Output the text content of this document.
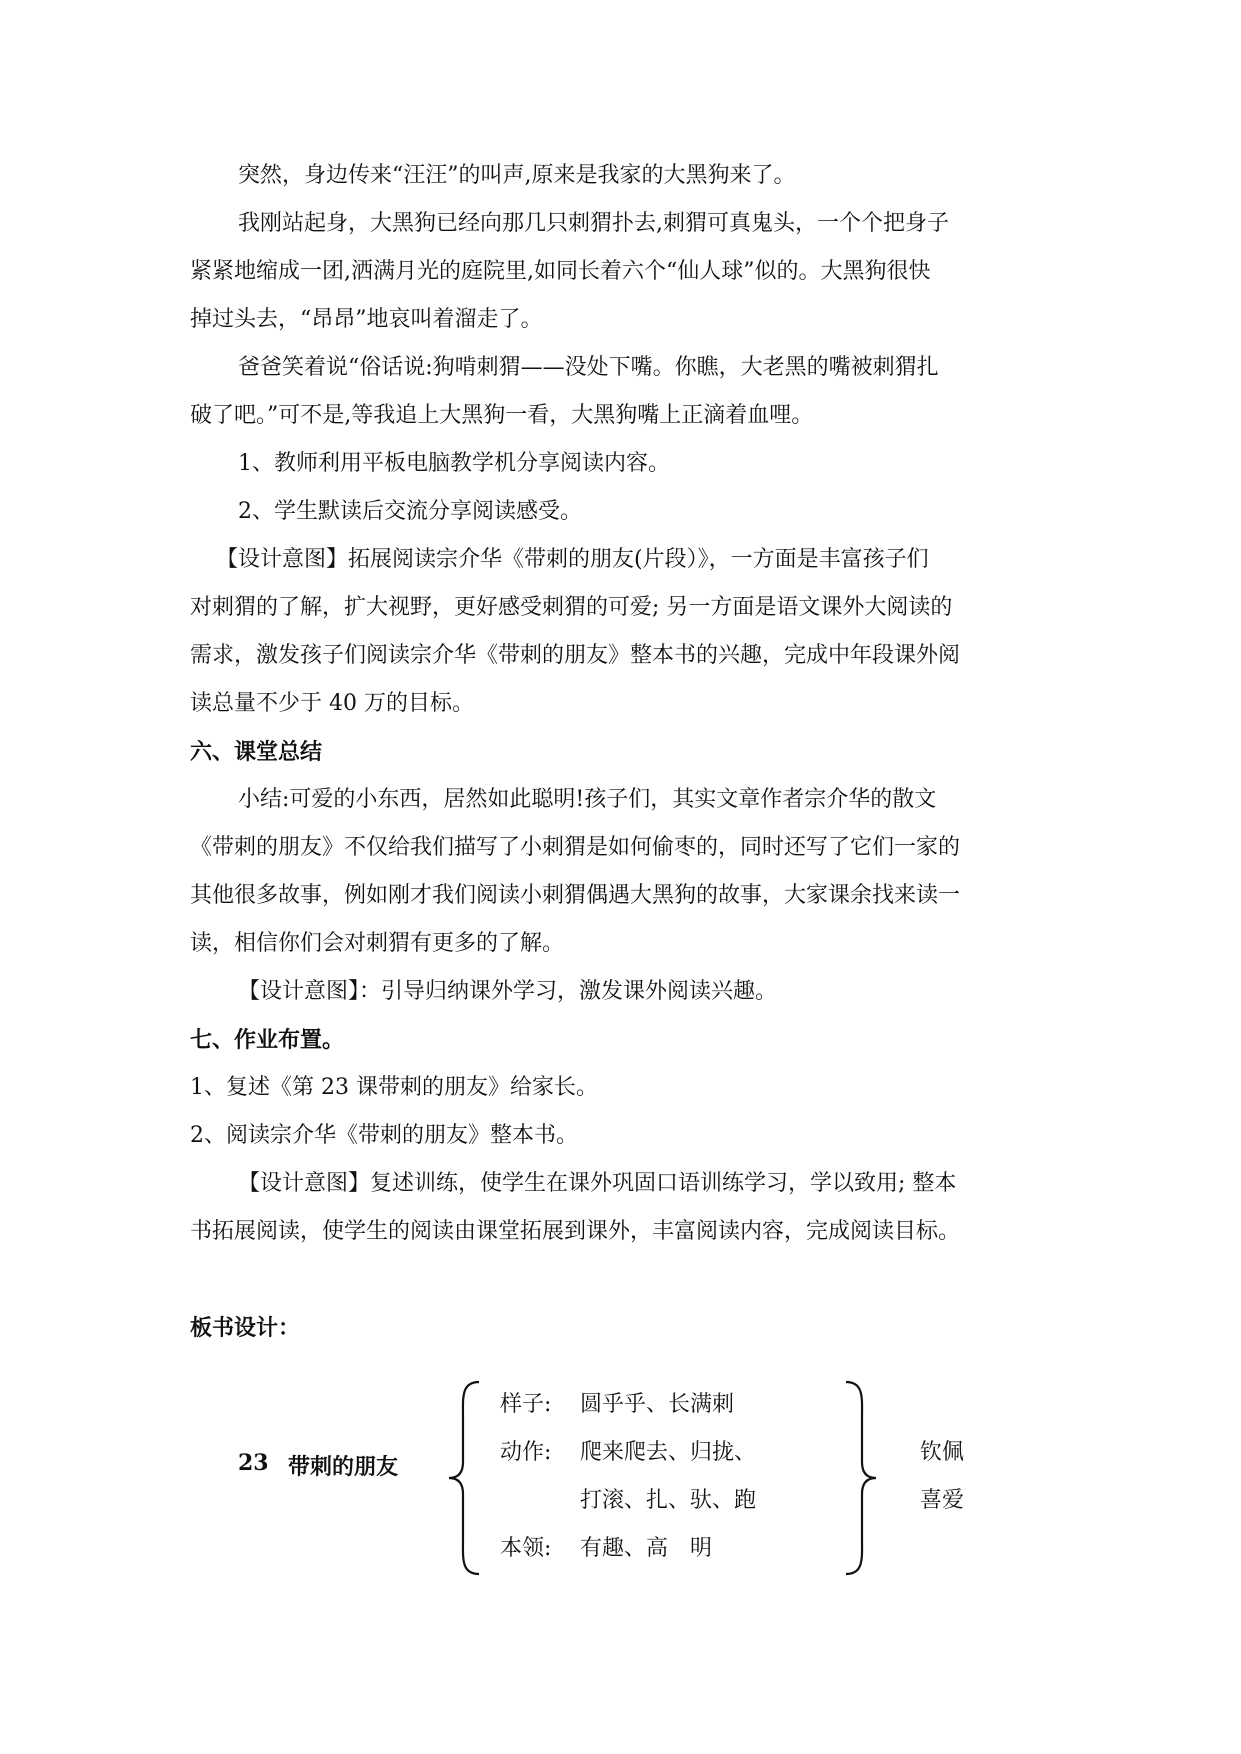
突然，身边传来“汪汪”的叫声,原来是我家的大黑狗来了。
我刚站起身，大黑狗已经向那几只刺猬扑去,刺猬可真鬼头，一个个把身子
紧紧地缩成一团,洒满月光的庭院里,如同长着六个“仙人球”似的。大黑狗很快
掉过头去，“昂昂”地哀叫着溜走了。
爸爸笑着说“俗话说:狗啃刺猬——没处下嘴。你瞧，大老黑的嘴被刺猬扎
破了吧。”可不是,等我追上大黑狗一看，大黑狗嘴上正滴着血哩。
1、教师利用平板电脑教学机分享阅读内容。
2、学生默读后交流分享阅读感受。
【设计意图】拓展阅读宗介华《带刺的朋友(片段）》，一方面是丰富孩子们
对刺猬的了解，扩大视野，更好感受刺猬的可爱; 另一方面是语文课外大阅读的
需求，激发孩子们阅读宗介华《带刺的朋友》整本书的兴趣，完成中年段课外阅
读总量不少于 40 万的目标。
六、课堂总结
小结:可爱的小东西，居然如此聪明!孩子们，其实文章作者宗介华的散文
《带刺的朋友》不仅给我们描写了小刺猬是如何偷枣的，同时还写了它们一家的
其他很多故事，例如刚才我们阅读小刺猬偶遇大黑狗的故事，大家课余找来读一
读，相信你们会对刺猬有更多的了解。
【设计意图】：引导归纳课外学习，激发课外阅读兴趣。
七、作业布置。
1、复述《第 23 课带刺的朋友》给家长。
2、阅读宗介华《带刺的朋友》整本书。
【设计意图】复述训练，使学生在课外巩固口语训练学习，学以致用; 整本
书拓展阅读，使学生的阅读由课堂拓展到课外，丰富阅读内容，完成阅读目标。
板书设计：
23 带刺的朋友
样子: 圆乎乎、长满刺
动作: 爬来爬去、归拢、
打滚、扎、驮、跑
本领: 有趣、高　明
钦佩
喜爱
